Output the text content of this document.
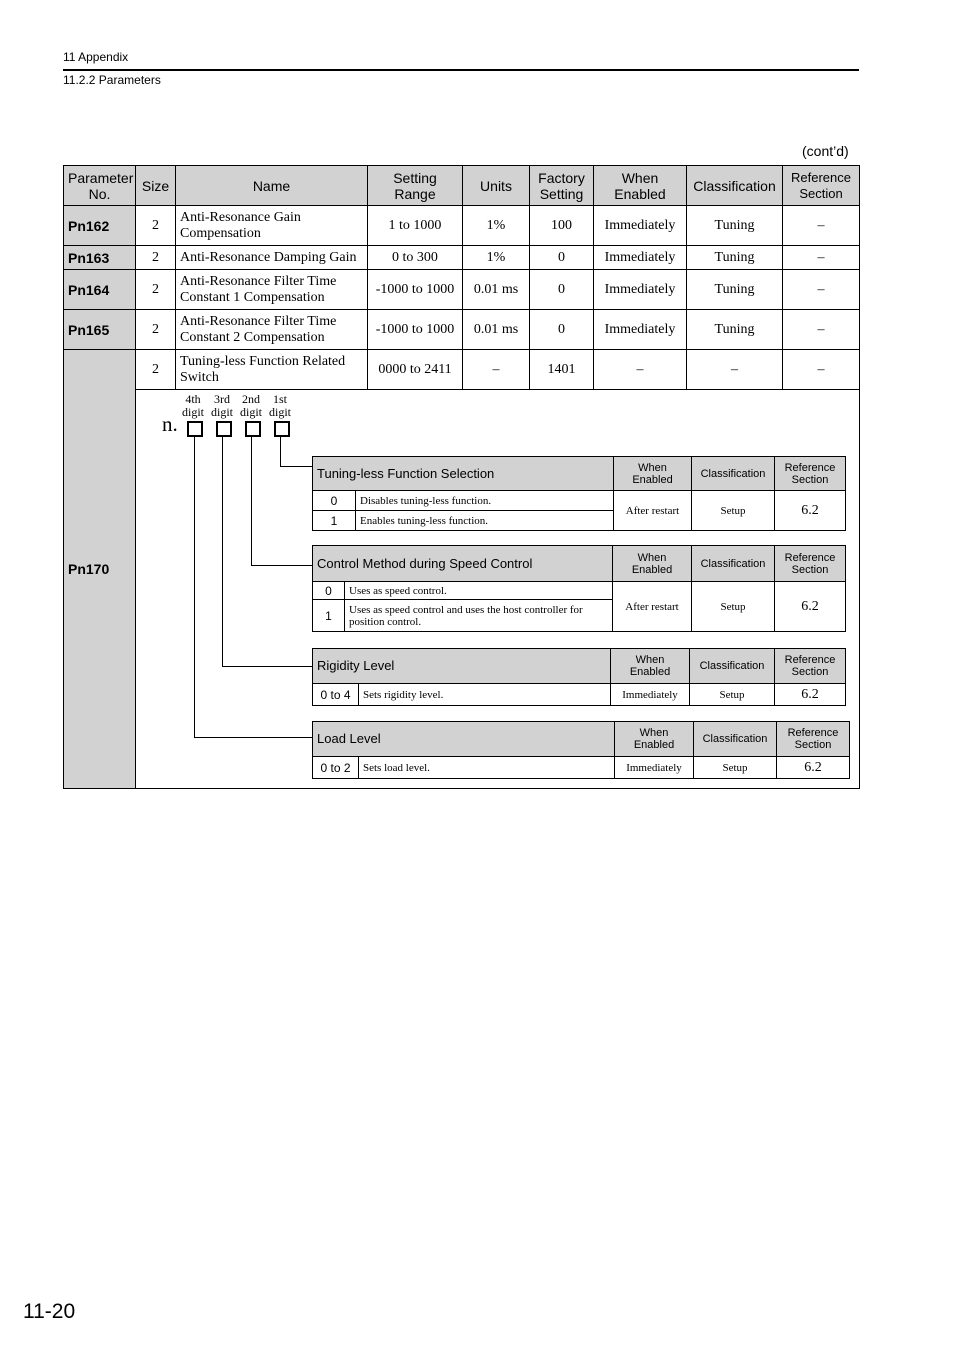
11 Appendix
11.2.2 Parameters
(cont’d)
Parameter No.	Size	Name	Setting Range	Units	Factory Setting	When Enabled	Classification	Reference Section
Pn162	2	Anti-Resonance Gain Compensation	1 to 1000	1%	100	Immediately	Tuning	–
Pn163	2	Anti-Resonance Damping Gain	0 to 300	1%	0	Immediately	Tuning	–
Pn164	2	Anti-Resonance Filter Time Constant 1 Compensation	-1000 to 1000	0.01 ms	0	Immediately	Tuning	–
Pn165	2	Anti-Resonance Filter Time Constant 2 Compensation	-1000 to 1000	0.01 ms	0	Immediately	Tuning	–
Pn170	2	Tuning-less Function Related Switch	0000 to 2411	–	1401	–	–	–

4th
digit
3rd
digit
2nd
digit
1st
digit
n.
Tuning-less Function Selection	When
Enabled	Classification	Reference
Section
0	Disables tuning-less function.	After restart	Setup	6.2
1	Enables tuning-less function.
Control Method during Speed Control	When
Enabled	Classification	Reference
Section
0	Uses as speed control.	After restart	Setup	6.2
1	Uses as speed control and uses the host controller for position control.
Rigidity Level	When
Enabled	Classification	Reference
Section
0 to 4	Sets rigidity level.	Immediately	Setup	6.2
Load Level	When
Enabled	Classification	Reference
Section
0 to 2	Sets load level.	Immediately	Setup	6.2
11-20
